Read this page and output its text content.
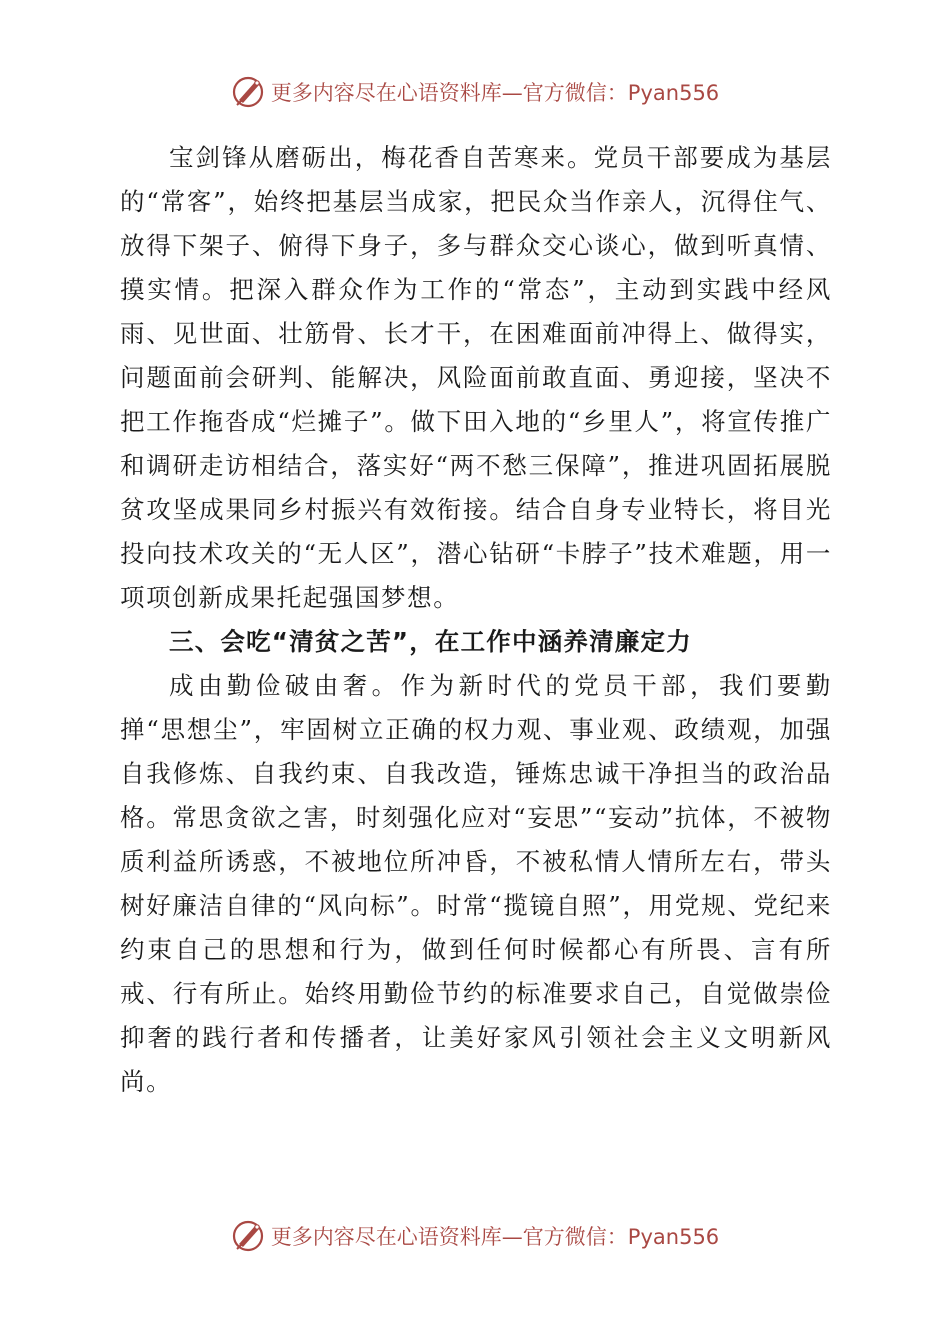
更多内容尽在心语资料库—官方微信：Pyan556

宝剑锋从磨砺出，梅花香自苦寒来。党员干部要成为基层的“常客”，始终把基层当成家，把民众当作亲人，沉得住气、放得下架子、俯得下身子，多与群众交心谈心，做到听真情、摸实情。把深入群众作为工作的“常态”，主动到实践中经风雨、见世面、壮筋骨、长才干，在困难面前冲得上、做得实，问题面前会研判、能解决，风险面前敢直面、勇迎接，坚决不把工作拖沓成“烂摊子”。做下田入地的“乡里人”，将宣传推广和调研走访相结合，落实好“两不愁三保障”，推进巩固拓展脱贫攻坚成果同乡村振兴有效衔接。结合自身专业特长，将目光投向技术攻关的“无人区”，潜心钻研“卡脖子”技术难题，用一项项创新成果托起强国梦想。

三、会吃“清贫之苦”，在工作中涵养清廉定力

成由勤俭破由奢。作为新时代的党员干部，我们要勤掸“思想尘”，牢固树立正确的权力观、事业观、政绩观，加强自我修炼、自我约束、自我改造，锤炼忠诚干净担当的政治品格。常思贪欲之害，时刻强化应对“妄思”“妄动”抗体，不被物质利益所诱惑，不被地位所冲昏，不被私情人情所左右，带头树好廉洁自律的“风向标”。时常“揽镜自照”，用党规、党纪来约束自己的思想和行为，做到任何时候都心有所畏、言有所戒、行有所止。始终用勤俭节约的标准要求自己，自觉做崇俭抑奢的践行者和传播者，让美好家风引领社会主义文明新风尚。

更多内容尽在心语资料库—官方微信：Pyan556
